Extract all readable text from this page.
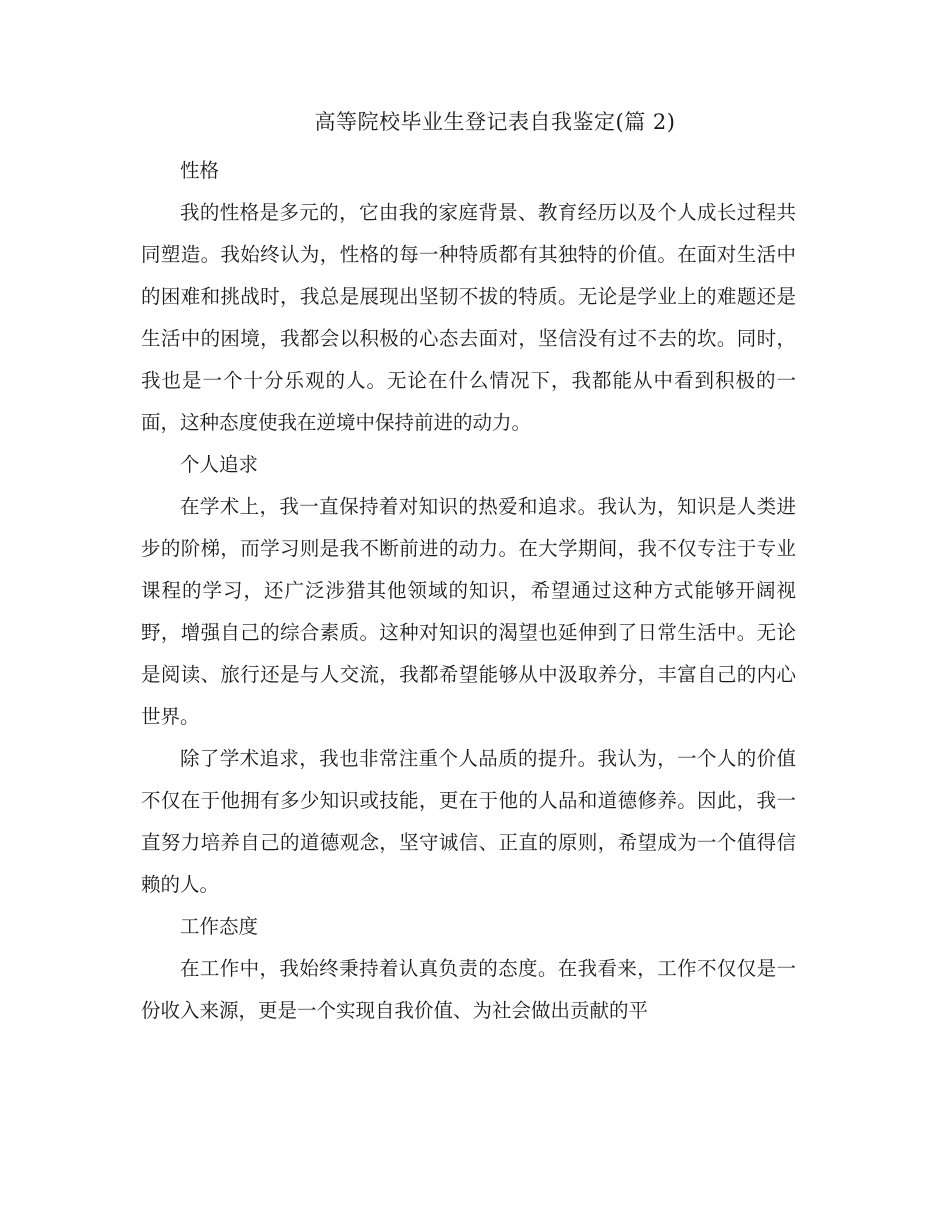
高等院校毕业生登记表自我鉴定(篇 2)
性格

我的性格是多元的，它由我的家庭背景、教育经历以及个人成长过程共同塑造。我始终认为，性格的每一种特质都有其独特的价值。在面对生活中的困难和挑战时，我总是展现出坚韧不拔的特质。无论是学业上的难题还是生活中的困境，我都会以积极的心态去面对，坚信没有过不去的坎。同时，我也是一个十分乐观的人。无论在什么情况下，我都能从中看到积极的一面，这种态度使我在逆境中保持前进的动力。

个人追求

在学术上，我一直保持着对知识的热爱和追求。我认为，知识是人类进步的阶梯，而学习则是我不断前进的动力。在大学期间，我不仅专注于专业课程的学习，还广泛涉猎其他领域的知识，希望通过这种方式能够开阔视野，增强自己的综合素质。这种对知识的渴望也延伸到了日常生活中。无论是阅读、旅行还是与人交流，我都希望能够从中汲取养分，丰富自己的内心世界。

除了学术追求，我也非常注重个人品质的提升。我认为，一个人的价值不仅在于他拥有多少知识或技能，更在于他的人品和道德修养。因此，我一直努力培养自己的道德观念，坚守诚信、正直的原则，希望成为一个值得信赖的人。

工作态度

在工作中，我始终秉持着认真负责的态度。在我看来，工作不仅仅是一份收入来源，更是一个实现自我价值、为社会做出贡献的平
